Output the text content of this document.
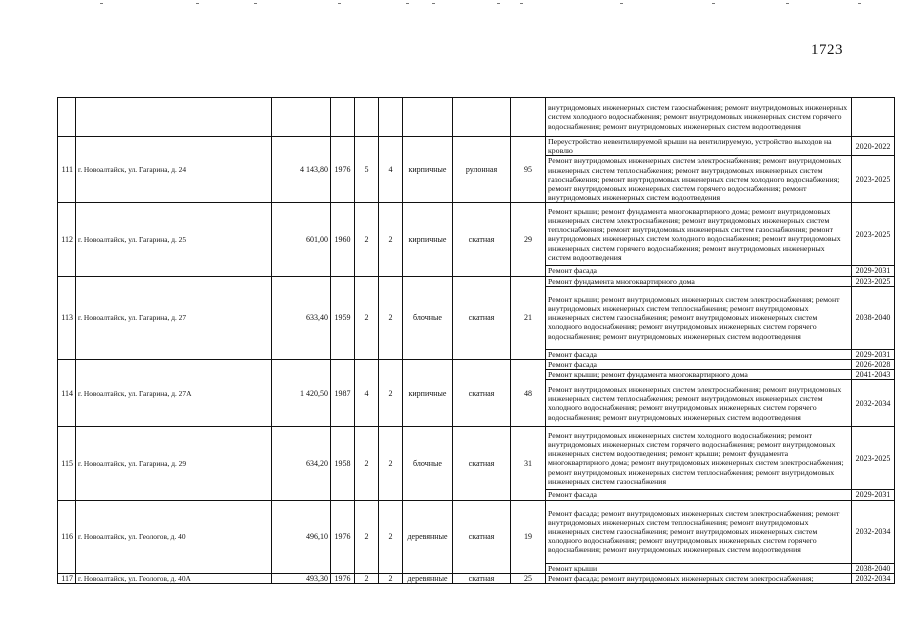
1723
									внутридомовых инженерных систем газоснабжения; ремонт внутридомовых инженерных систем холодного водоснабжения; ремонт внутридомовых инженерных систем горячего водоснабжения; ремонт внутридомовых инженерных систем водоотведения	
111	г. Новоалтайск, ул. Гагарина, д. 24	4 143,80	1976	5	4	кирпичные	рулонная	95	Переустройство невентилируемой крыши на вентилируемую, устройство выходов на кровлю	2020-2022
									Ремонт внутридомовых инженерных систем электроснабжения; ремонт внутридомовых инженерных систем теплоснабжения; ремонт внутридомовых инженерных систем газоснабжения; ремонт внутридомовых инженерных систем холодного водоснабжения; ремонт внутридомовых инженерных систем горячего водоснабжения; ремонт внутридомовых инженерных систем водоотведения	2023-2025
112	г. Новоалтайск, ул. Гагарина, д. 25	601,00	1960	2	2	кирпичные	скатная	29	Ремонт крыши; ремонт фундамента многоквартирного дома; ремонт внутридомовых инженерных систем электроснабжения; ремонт внутридомовых инженерных систем теплоснабжения; ремонт внутридомовых инженерных систем газоснабжения; ремонт внутридомовых инженерных систем холодного водоснабжения; ремонт внутридомовых инженерных систем горячего водоснабжения; ремонт внутридомовых инженерных систем водоотведения	2023-2025
									Ремонт фасада	2029-2031
113	г. Новоалтайск, ул. Гагарина, д. 27	633,40	1959	2	2	блочные	скатная	21	Ремонт фундамента многоквартирного дома	2023-2025
									Ремонт крыши; ремонт внутридомовых инженерных систем электроснабжения; ремонт внутридомовых инженерных систем теплоснабжения; ремонт внутридомовых инженерных систем газоснабжения; ремонт внутридомовых инженерных систем холодного водоснабжения; ремонт внутридомовых инженерных систем горячего водоснабжения; ремонт внутридомовых инженерных систем водоотведения	2038-2040
									Ремонт фасада	2029-2031
114	г. Новоалтайск, ул. Гагарина, д. 27А	1 420,50	1987	4	2	кирпичные	скатная	48	Ремонт фасада	2026-2028
									Ремонт крыши; ремонт фундамента многоквартирного дома	2041-2043
									Ремонт внутридомовых инженерных систем электроснабжения; ремонт внутридомовых инженерных систем теплоснабжения; ремонт внутридомовых инженерных систем холодного водоснабжения; ремонт внутридомовых инженерных систем горячего водоснабжения; ремонт внутридомовых инженерных систем водоотведения	2032-2034
115	г. Новоалтайск, ул. Гагарина, д. 29	634,20	1958	2	2	блочные	скатная	31	Ремонт внутридомовых инженерных систем холодного водоснабжения; ремонт внутридомовых инженерных систем горячего водоснабжения; ремонт внутридомовых инженерных систем водоотведения; ремонт крыши; ремонт фундамента многоквартирного дома; ремонт внутридомовых инженерных систем электроснабжения; ремонт внутридомовых инженерных систем теплоснабжения; ремонт внутридомовых инженерных систем газоснабжения	2023-2025
									Ремонт фасада	2029-2031
116	г. Новоалтайск, ул. Геологов, д. 40	496,10	1976	2	2	деревянные	скатная	19	Ремонт фасада; ремонт внутридомовых инженерных систем электроснабжения; ремонт внутридомовых инженерных систем теплоснабжения; ремонт внутридомовых инженерных систем газоснабжения; ремонт внутридомовых инженерных систем холодного водоснабжения; ремонт внутридомовых инженерных систем горячего водоснабжения; ремонт внутридомовых инженерных систем водоотведения	2032-2034
									Ремонт крыши	2038-2040
117	г. Новоалтайск, ул. Геологов, д. 40А	493,30	1976	2	2	деревянные	скатная	25	Ремонт фасада; ремонт внутридомовых инженерных систем электроснабжения;	2032-2034
